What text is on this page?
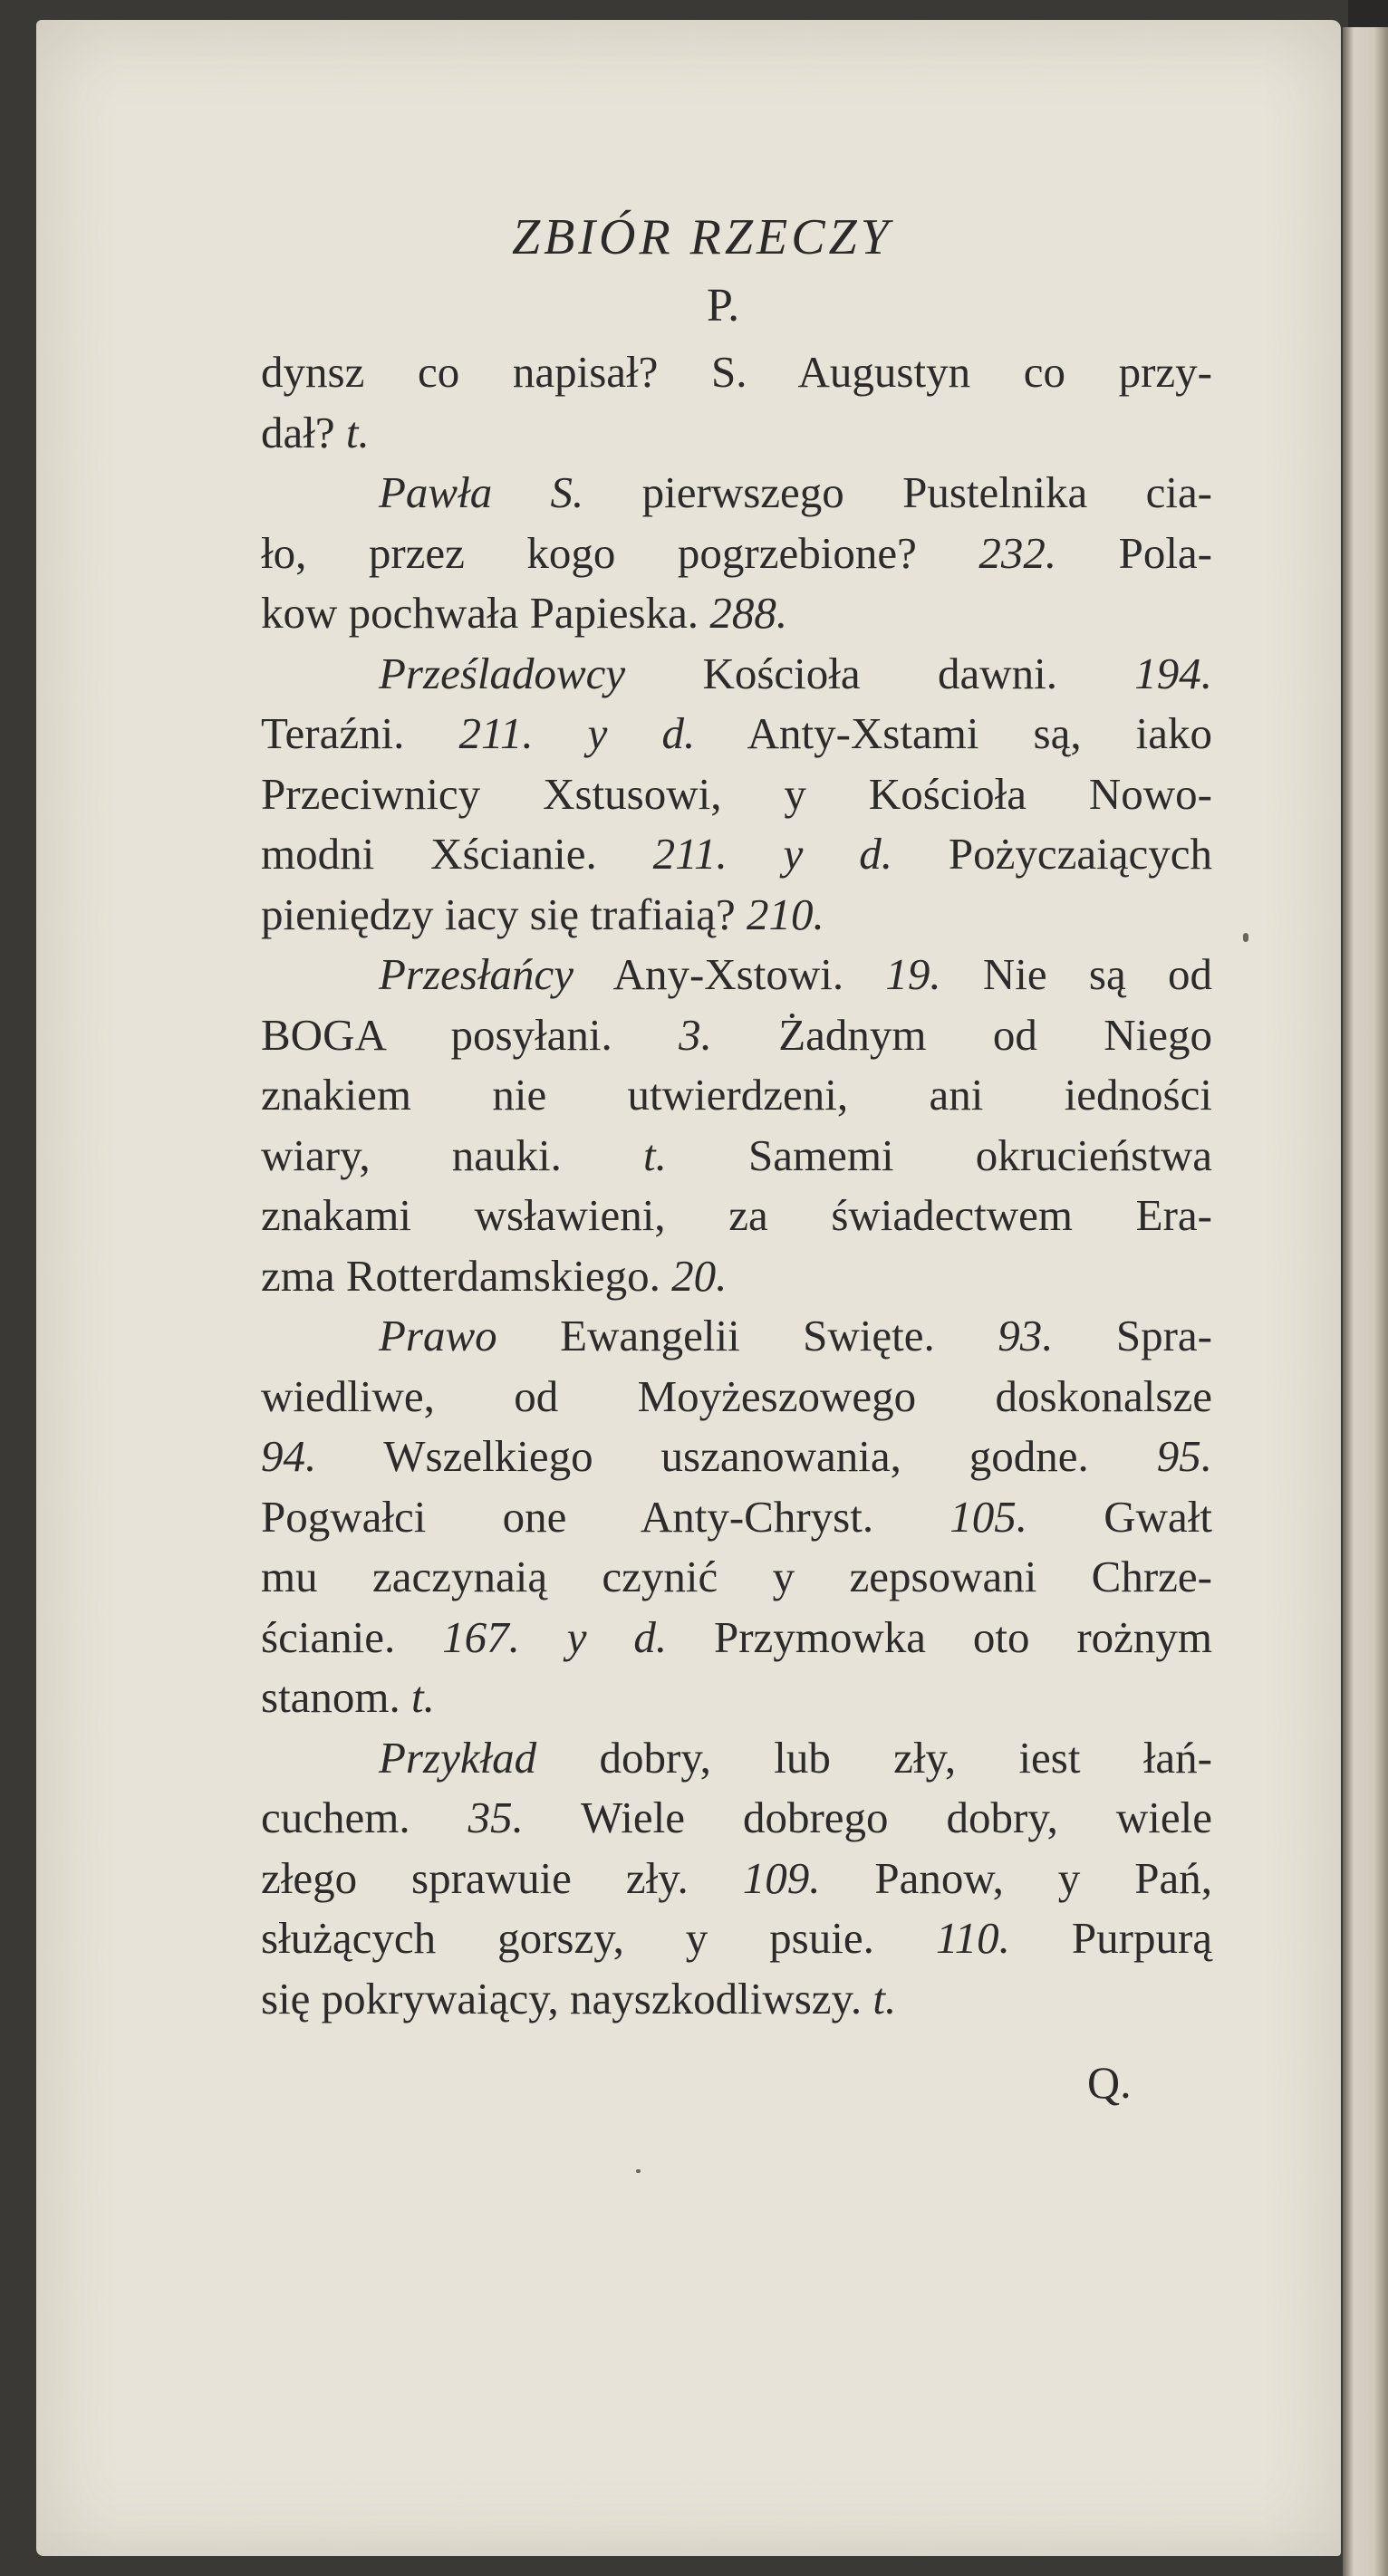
ZBIÓR RZECZY
P.
dynsz co napisał? S. Augustyn co przy-
dał? t.
Pawła S. pierwszego Pustelnika cia-
ło, przez kogo pogrzebione? 232. Pola-
kow pochwała Papieska. 288.
Prześladowcy Kościoła dawni. 194.
Teraźni. 211. y d. Anty-Xstami są, iako
Przeciwnicy Xstusowi, y Kościoła Nowo-
modni Xścianie. 211. y d. Pożyczaiących
pieniędzy iacy się trafiaią? 210.
Przesłańcy Any-Xstowi. 19. Nie są od
BOGA posyłani. 3. Żadnym od Niego
znakiem nie utwierdzeni, ani iedności
wiary, nauki. t. Samemi okrucieństwa
znakami wsławieni, za świadectwem Era-
zma Rotterdamskiego. 20.
Prawo Ewangelii Swięte. 93. Spra-
wiedliwe, od Moyżeszowego doskonalsze
94. Wszelkiego uszanowania, godne. 95.
Pogwałci one Anty-Chryst. 105. Gwałt
mu zaczynaią czynić y zepsowani Chrze-
ścianie. 167. y d. Przymowka oto rożnym
stanom. t.
Przykład dobry, lub zły, iest łań-
cuchem. 35. Wiele dobrego dobry, wiele
złego sprawuie zły. 109. Panow, y Pań,
służących gorszy, y psuie. 110. Purpurą
się pokrywaiący, nayszkodliwszy. t.
Q.
